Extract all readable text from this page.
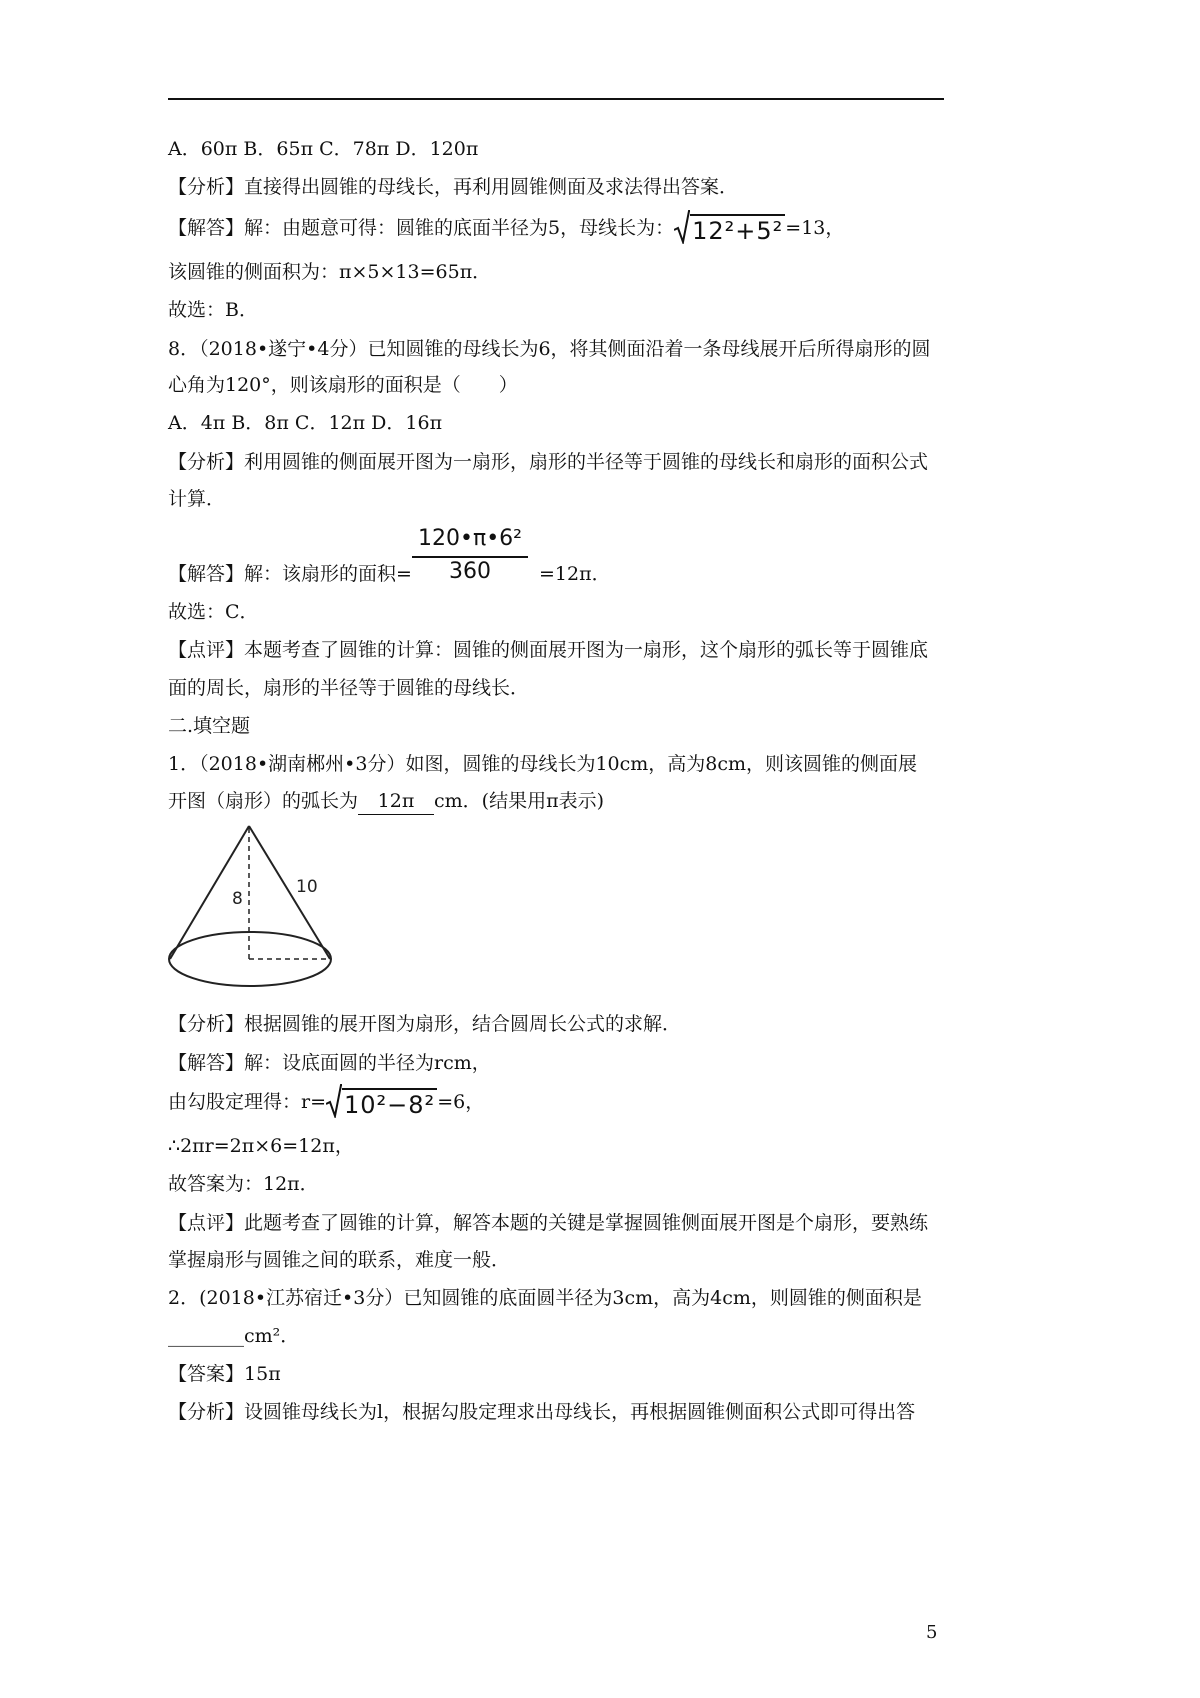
A．60π B．65π C．78π D．120π
【分析】直接得出圆锥的母线长，再利用圆锥侧面及求法得出答案．
【解答】解：由题意可得：圆锥的底面半径为5，母线长为： 12²+5² =13，
该圆锥的侧面积为：π×5×13=65π．
故选：B．
8．（2018•遂宁•4分）已知圆锥的母线长为6，将其侧面沿着一条母线展开后所得扇形的圆
心角为120°，则该扇形的面积是（　　）
A．4π B．8π C．12π D．16π
【分析】利用圆锥的侧面展开图为一扇形，扇形的半径等于圆锥的母线长和扇形的面积公式
计算．
120•π•6²
360
【解答】解：该扇形的面积=	=12π．
故选：C．
【点评】本题考查了圆锥的计算：圆锥的侧面展开图为一扇形，这个扇形的弧长等于圆锥底
面的周长，扇形的半径等于圆锥的母线长．
二.填空题
1．（2018•湖南郴州•3分）如图，圆锥的母线长为10cm，高为8cm，则该圆锥的侧面展
开图（扇形）的弧长为 12π cm．(结果用π表示)
8
10
【分析】根据圆锥的展开图为扇形，结合圆周长公式的求解．
【解答】解：设底面圆的半径为rcm，
由勾股定理得：r= 10²−8² =6，
∴2πr=2π×6=12π，
故答案为：12π．
【点评】此题考查了圆锥的计算，解答本题的关键是掌握圆锥侧面展开图是个扇形，要熟练
掌握扇形与圆锥之间的联系，难度一般．
2．(2018•江苏宿迁•3分）已知圆锥的底面圆半径为3cm，高为4cm，则圆锥的侧面积是
________cm²．
【答案】15π
【分析】设圆锥母线长为l，根据勾股定理求出母线长，再根据圆锥侧面积公式即可得出答
5
